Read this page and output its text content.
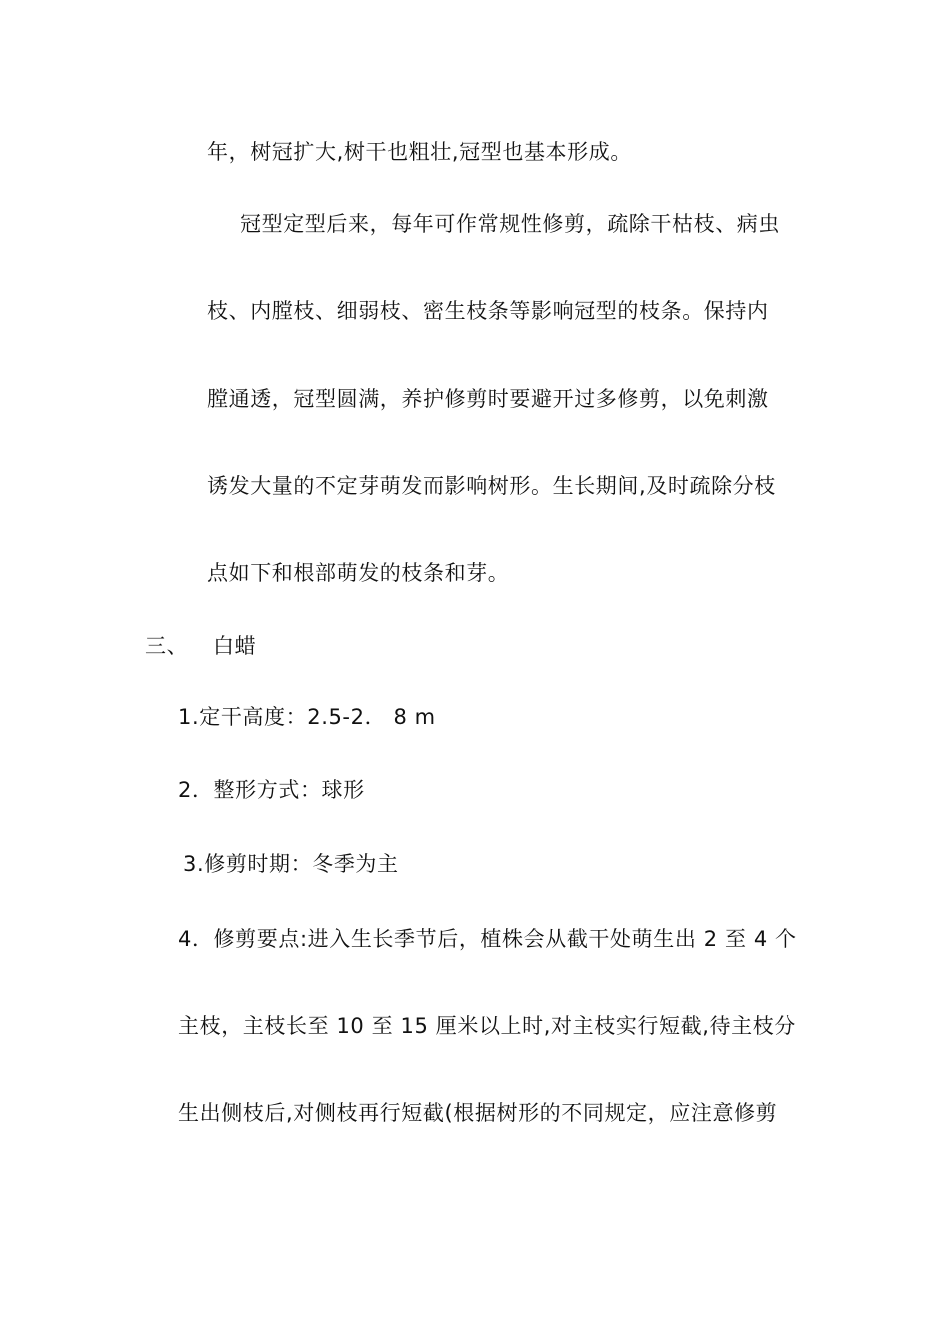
年，树冠扩大,树干也粗壮,冠型也基本形成。
冠型定型后来，每年可作常规性修剪，疏除干枯枝、病虫
枝、内膛枝、细弱枝、密生枝条等影响冠型的枝条。保持内
膛通透，冠型圆满，养护修剪时要避开过多修剪，以免刺激
诱发大量的不定芽萌发而影响树形。生长期间,及时疏除分枝
点如下和根部萌发的枝条和芽。
三、 白蜡
1.定干高度：2.5-2． 8 m
2．整形方式：球形
3.修剪时期：冬季为主
4．修剪要点:进入生长季节后，植株会从截干处萌生出 2 至 4 个
主枝，主枝长至 10 至 15 厘米以上时,对主枝实行短截,待主枝分
生出侧枝后,对侧枝再行短截(根据树形的不同规定，应注意修剪
